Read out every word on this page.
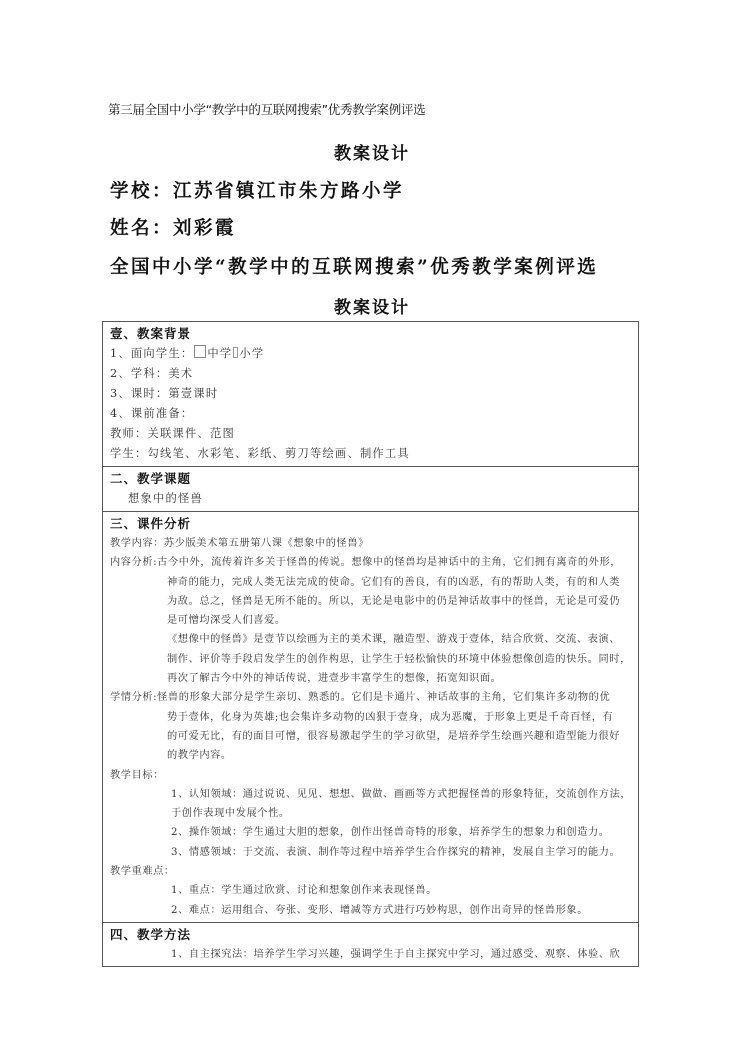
第三届全国中小学“教学中的互联网搜索”优秀教学案例评选
教案设计
学校：江苏省镇江市朱方路小学
姓名：刘彩霞
全国中小学“教学中的互联网搜索”优秀教学案例评选
教案设计
壹、教案背景
1、面向学生： 中学 小学
2、学科：美术
3、课时：第壹课时
4、课前准备：
教师：关联课件、范图
学生：勾线笔、水彩笔、彩纸、剪刀等绘画、制作工具
二、教学课题
想象中的怪兽
三、课件分析
教学内容：苏少版美术第五册第八课《想象中的怪兽》
内容分析:古今中外，流传着许多关于怪兽的传说。想像中的怪兽均是神话中的主角，它们拥有离奇的外形，
神奇的能力，完成人类无法完成的使命。它们有的善良，有的凶恶，有的帮助人类，有的和人类
为敌。总之，怪兽是无所不能的。所以，无论是电影中的仍是神话故事中的怪兽，无论是可爱仍
是可憎均深受人们喜爱。
《想像中的怪兽》是壹节以绘画为主的美术课，融造型、游戏于壹体，结合欣赏、交流、表演、
制作、评价等手段启发学生的创作构思，让学生于轻松愉快的环境中体验想像创造的快乐。同时，
再次了解古今中外的神话传说，进壹步丰富学生的想像，拓宽知识面。
学情分析:怪兽的形象大部分是学生亲切、熟悉的。它们是卡通片、神话故事的主角，它们集许多动物的优
势于壹体，化身为英雄;也会集许多动物的凶狠于壹身，成为恶魔，于形象上更是千奇百怪，有
的可爱无比，有的面目可憎，很容易激起学生的学习欲望，是培养学生绘画兴趣和造型能力很好
的教学内容。
教学目标：
1、认知领域：通过说说、见见、想想、做做、画画等方式把握怪兽的形象特征，交流创作方法，
于创作表现中发展个性。
2、操作领域：学生通过大胆的想象，创作出怪兽奇特的形象，培养学生的想象力和创造力。
3、情感领域：于交流、表演、制作等过程中培养学生合作探究的精神，发展自主学习的能力。
教学重难点：
1、重点：学生通过欣赏、讨论和想象创作来表现怪兽。
2、难点：运用组合、夸张、变形、增减等方式进行巧妙构思，创作出奇异的怪兽形象。
四、教学方法
1、自主探究法：培养学生学习兴趣，强调学生于自主探究中学习，通过感受、观察、体验、欣
